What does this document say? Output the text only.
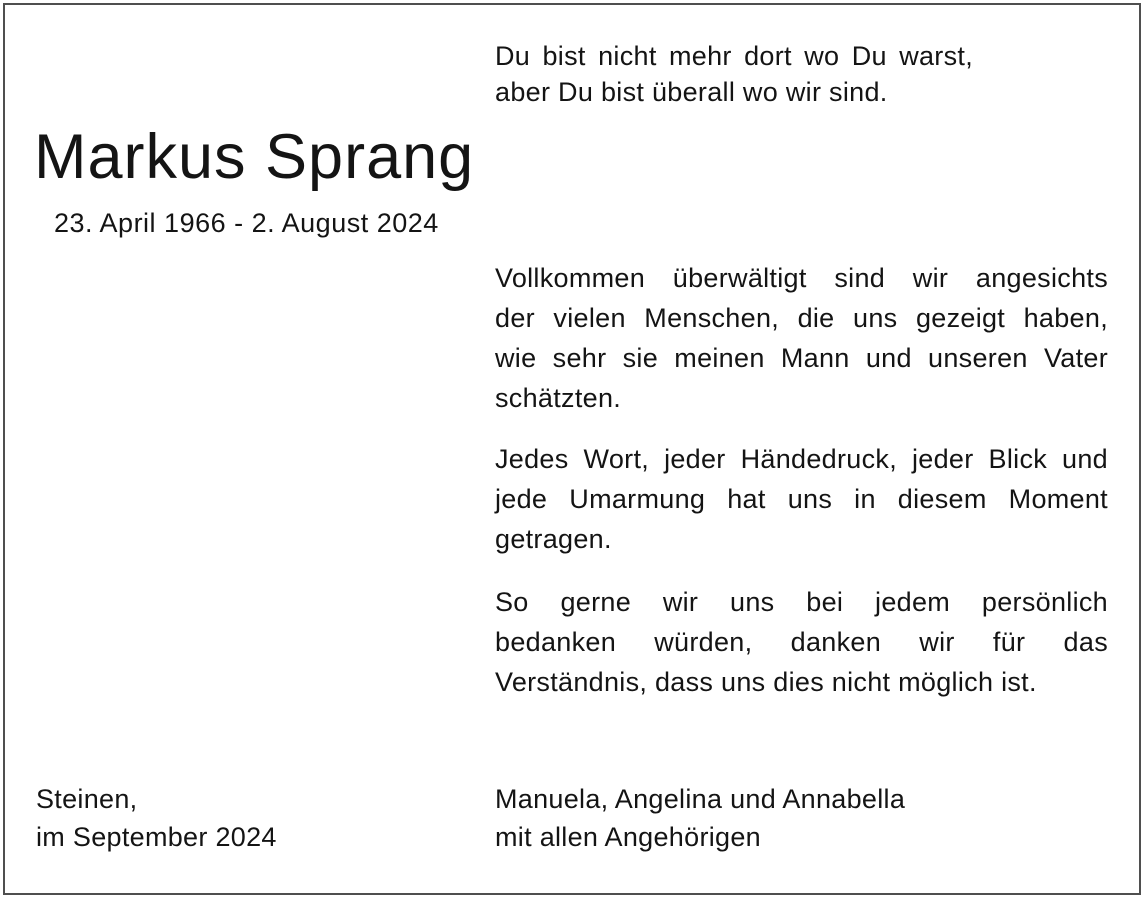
Du bist nicht mehr dort wo Du warst,
aber Du bist überall wo wir sind.
Markus Sprang
23. April 1966 - 2. August 2024
Vollkommen überwältigt sind wir angesichts
der vielen Menschen, die uns gezeigt haben,
wie sehr sie meinen Mann und unseren Vater
schätzten.
Jedes Wort, jeder Händedruck, jeder Blick und
jede Umarmung hat uns in diesem Moment
getragen.
So gerne wir uns bei jedem persönlich
bedanken würden, danken wir für das
Verständnis, dass uns dies nicht möglich ist.
Steinen,
im September 2024
Manuela, Angelina und Annabella
mit allen Angehörigen
